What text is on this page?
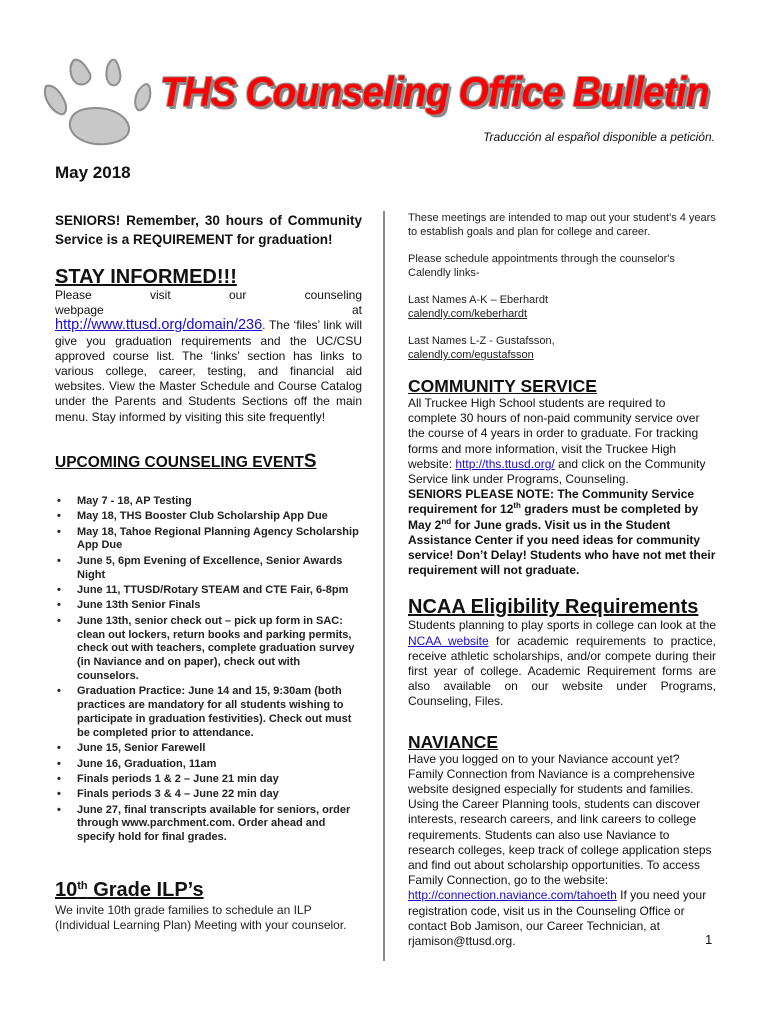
THS Counseling Office Bulletin
Traducción al español disponible a petición.
May 2018
SENIORS! Remember, 30 hours of Community Service is a REQUIREMENT for graduation!
STAY INFORMED!!!

Please visit our counseling webpage at http://www.ttusd.org/domain/236. The ‘files’ link will give you graduation requirements and the UC/CSU approved course list. The ‘links’ section has links to various college, career, testing, and financial aid websites. View the Master Schedule and Course Catalog under the Parents and Students Sections off the main menu. Stay informed by visiting this site frequently!

UPCOMING COUNSELING EVENTS
• May 7 - 18, AP Testing
• May 18, THS Booster Club Scholarship App Due
• May 18, Tahoe Regional Planning Agency Scholarship App Due
• June 5, 6pm Evening of Excellence, Senior Awards Night
• June 11, TTUSD/Rotary STEAM and CTE Fair, 6-8pm
• June 13th Senior Finals
• June 13th, senior check out – pick up form in SAC: clean out lockers, return books and parking permits, check out with teachers, complete graduation survey (in Naviance and on paper), check out with counselors.
• Graduation Practice: June 14 and 15, 9:30am (both practices are mandatory for all students wishing to participate in graduation festivities). Check out must be completed prior to attendance.
• June 15, Senior Farewell
• June 16, Graduation, 11am
• Finals periods 1 & 2 – June 21 min day
• Finals periods 3 & 4 – June 22 min day
• June 27, final transcripts available for seniors, order through www.parchment.com. Order ahead and specify hold for final grades.
10th Grade ILP’s

We invite 10th grade families to schedule an ILP (Individual Learning Plan) Meeting with your counselor.

These meetings are intended to map out your student's 4 years to establish goals and plan for college and career.

Please schedule appointments through the counselor's Calendly links-

Last Names A-K – Eberhardt

calendly.com/keberhardt

Last Names L-Z - Gustafsson,

calendly.com/egustafsson
COMMUNITY SERVICE

All Truckee High School students are required to complete 30 hours of non-paid community service over the course of 4 years in order to graduate. For tracking forms and more information, visit the Truckee High website: http://ths.ttusd.org/ and click on the Community Service link under Programs, Counseling.

SENIORS PLEASE NOTE: The Community Service requirement for 12th graders must be completed by May 2nd for June grads. Visit us in the Student Assistance Center if you need ideas for community service! Don’t Delay! Students who have not met their requirement will not graduate.

NCAA Eligibility Requirements

Students planning to play sports in college can look at the NCAA website for academic requirements to practice, receive athletic scholarships, and/or compete during their first year of college. Academic Requirement forms are also available on our website under Programs, Counseling, Files.

NAVIANCE

Have you logged on to your Naviance account yet? Family Connection from Naviance is a comprehensive website designed especially for students and families. Using the Career Planning tools, students can discover interests, research careers, and link careers to college requirements. Students can also use Naviance to research colleges, keep track of college application steps and find out about scholarship opportunities. To access Family Connection, go to the website: http://connection.naviance.com/tahoeth If you need your registration code, visit us in the Counseling Office or contact Bob Jamison, our Career Technician, at rjamison@ttusd.org.	1
